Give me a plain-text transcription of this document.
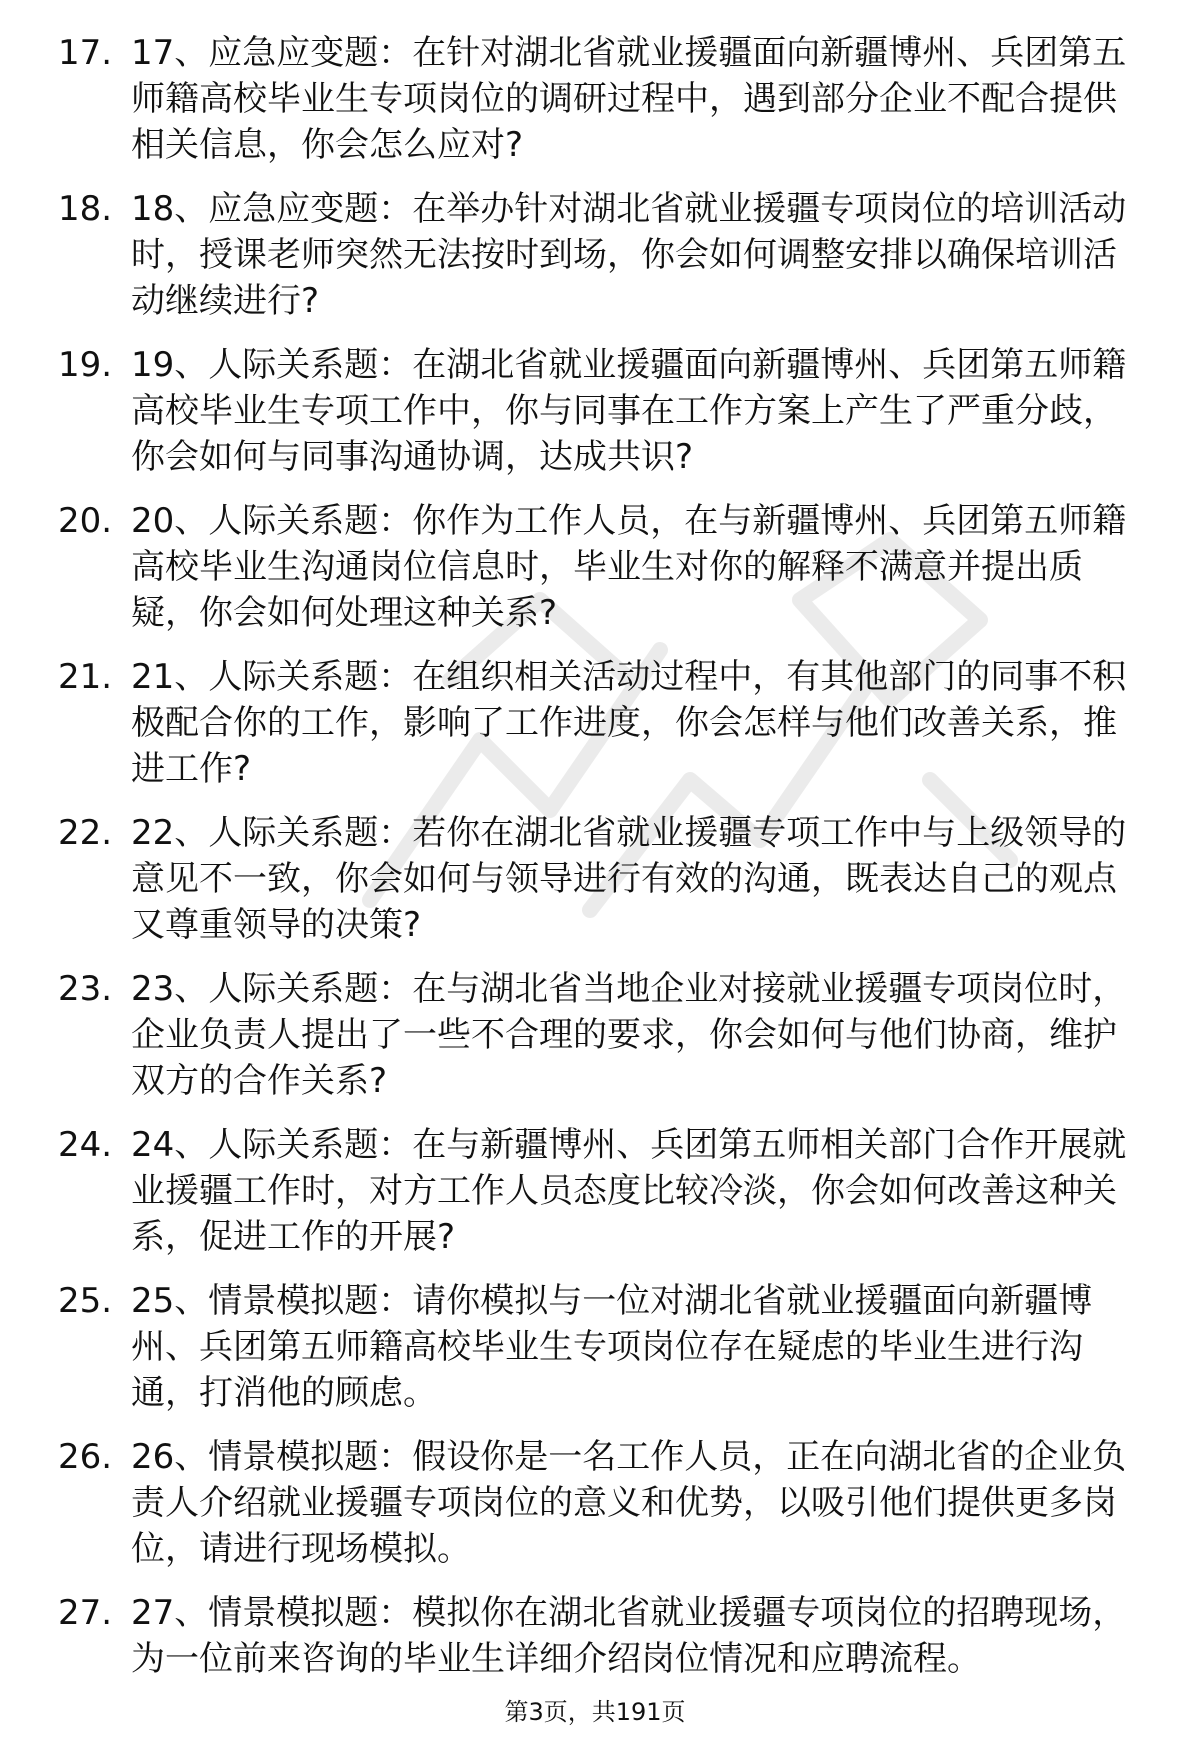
17. 17、应急应变题：在针对湖北省就业援疆面向新疆博州、兵团第五师籍高校毕业生专项岗位的调研过程中，遇到部分企业不配合提供相关信息，你会怎么应对?
18. 18、应急应变题：在举办针对湖北省就业援疆专项岗位的培训活动时，授课老师突然无法按时到场，你会如何调整安排以确保培训活动继续进行?
19. 19、人际关系题：在湖北省就业援疆面向新疆博州、兵团第五师籍高校毕业生专项工作中，你与同事在工作方案上产生了严重分歧，你会如何与同事沟通协调，达成共识?
20. 20、人际关系题：你作为工作人员，在与新疆博州、兵团第五师籍高校毕业生沟通岗位信息时，毕业生对你的解释不满意并提出质疑，你会如何处理这种关系?
21. 21、人际关系题：在组织相关活动过程中，有其他部门的同事不积极配合你的工作，影响了工作进度，你会怎样与他们改善关系，推进工作?
22. 22、人际关系题：若你在湖北省就业援疆专项工作中与上级领导的意见不一致，你会如何与领导进行有效的沟通，既表达自己的观点又尊重领导的决策?
23. 23、人际关系题：在与湖北省当地企业对接就业援疆专项岗位时，企业负责人提出了一些不合理的要求，你会如何与他们协商，维护双方的合作关系?
24. 24、人际关系题：在与新疆博州、兵团第五师相关部门合作开展就业援疆工作时，对方工作人员态度比较冷淡，你会如何改善这种关系，促进工作的开展?
25. 25、情景模拟题：请你模拟与一位对湖北省就业援疆面向新疆博州、兵团第五师籍高校毕业生专项岗位存在疑虑的毕业生进行沟通，打消他的顾虑。
26. 26、情景模拟题：假设你是一名工作人员，正在向湖北省的企业负责人介绍就业援疆专项岗位的意义和优势，以吸引他们提供更多岗位，请进行现场模拟。
27. 27、情景模拟题：模拟你在湖北省就业援疆专项岗位的招聘现场，为一位前来咨询的毕业生详细介绍岗位情况和应聘流程。
第3页，共191页
